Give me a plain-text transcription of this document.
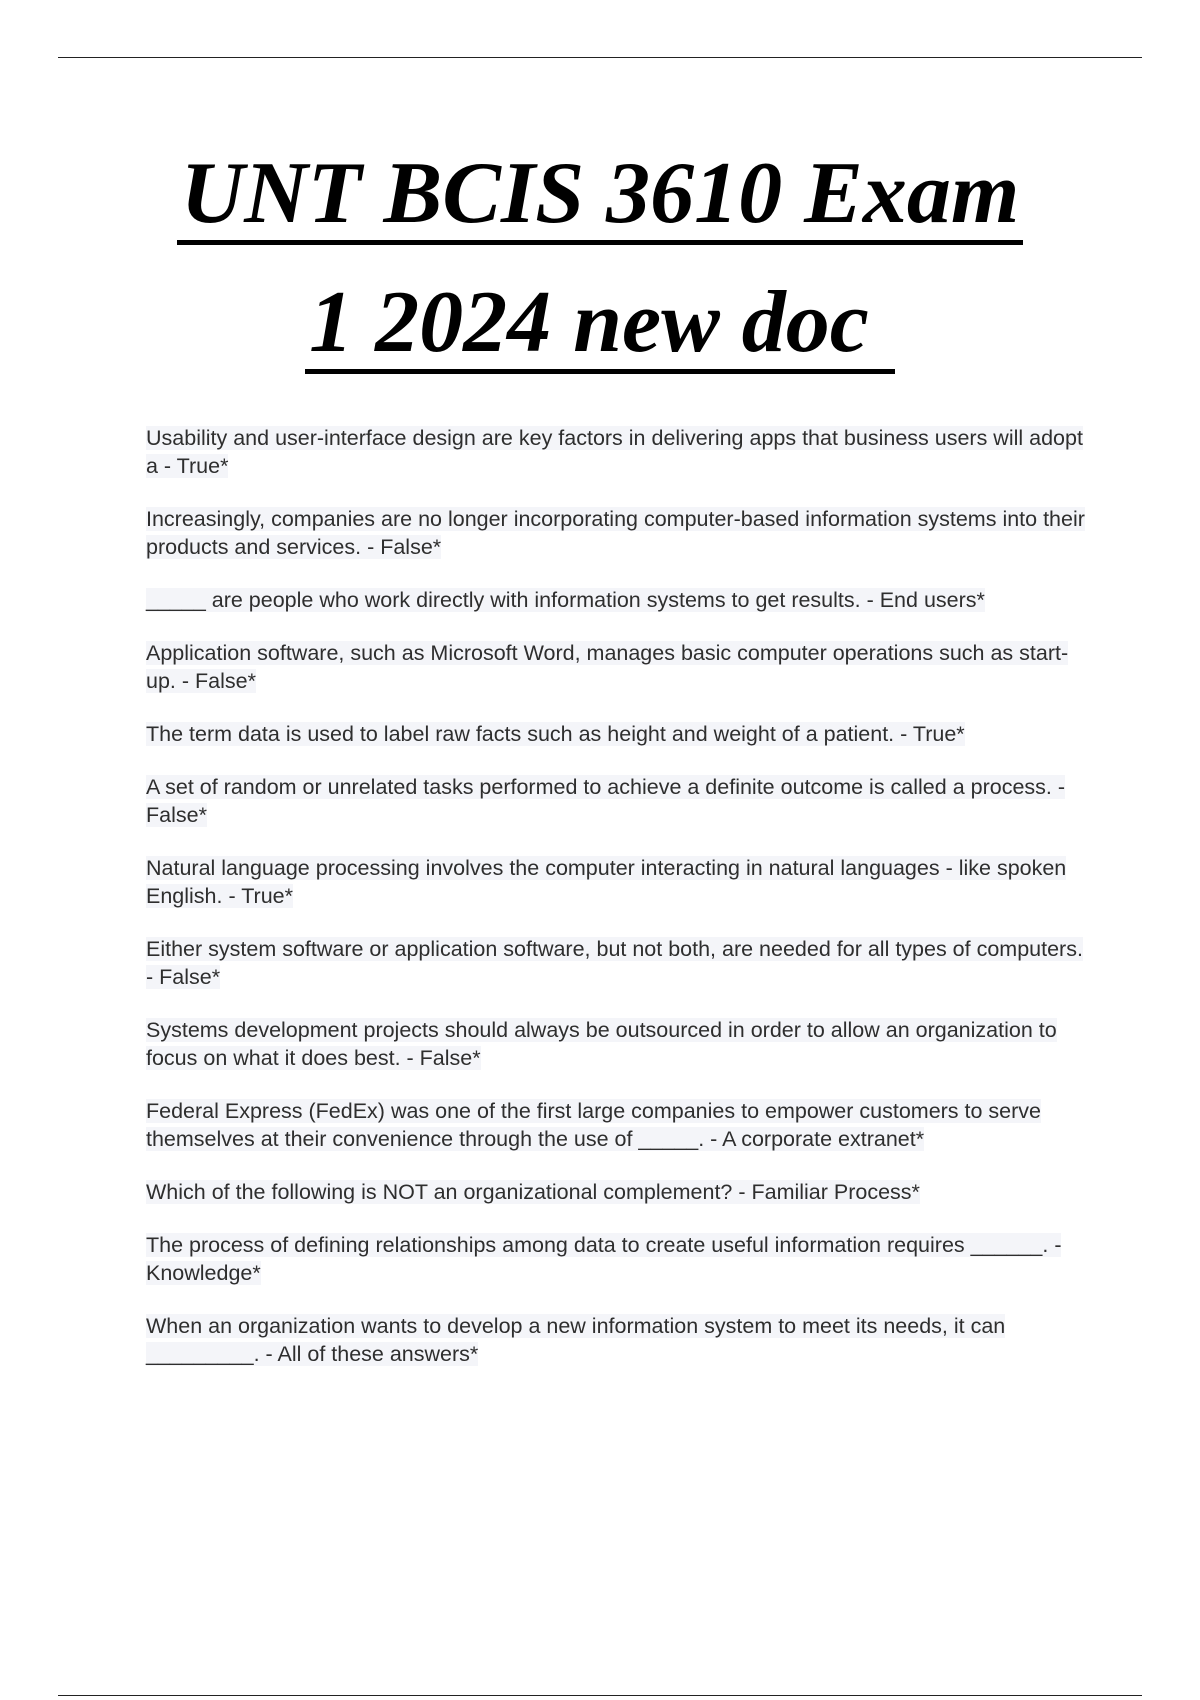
UNT BCIS 3610 Exam
1 2024 new doc
Usability and user-interface design are key factors in delivering apps that business users will adopt a - True*
Increasingly, companies are no longer incorporating computer-based information systems into their products and services. - False*
_____ are people who work directly with information systems to get results. - End users*
Application software, such as Microsoft Word, manages basic computer operations such as start-up. - False*
The term data is used to label raw facts such as height and weight of a patient. - True*
A set of random or unrelated tasks performed to achieve a definite outcome is called a process. - False*
Natural language processing involves the computer interacting in natural languages - like spoken English. - True*
Either system software or application software, but not both, are needed for all types of computers. - False*
Systems development projects should always be outsourced in order to allow an organization to focus on what it does best. - False*
Federal Express (FedEx) was one of the first large companies to empower customers to serve themselves at their convenience through the use of _____. - A corporate extranet*
Which of the following is NOT an organizational complement? - Familiar Process*
The process of defining relationships among data to create useful information requires ______. - Knowledge*
When an organization wants to develop a new information system to meet its needs, it can _________. - All of these answers*
